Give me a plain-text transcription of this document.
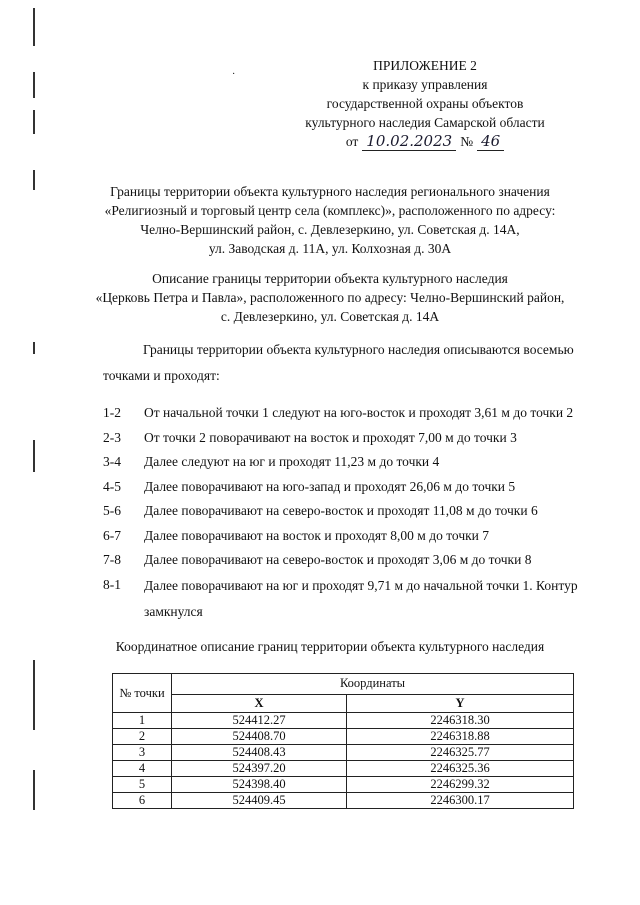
·
ПРИЛОЖЕНИЕ 2
к приказу управления
государственной охраны объектов
культурного наследия Самарской области
от 10.02.2023 № 46
Границы территории объекта культурного наследия регионального значения
«Религиозный и торговый центр села (комплекс)», расположенного по адресу:
Челно-Вершинский район, с. Девлезеркино, ул. Советская д. 14А,
ул. Заводская д. 11А, ул. Колхозная д. 30А
Описание границы территории объекта культурного наследия
«Церковь Петра и Павла», расположенного по адресу: Челно-Вершинский район,
с. Девлезеркино, ул. Советская д. 14А
Границы территории объекта культурного наследия описываются восемью
точками и проходят:
1-2	От начальной точки 1 следуют на юго-восток и проходят 3,61 м до точки 2
2-3	От точки 2 поворачивают на восток и проходят 7,00 м до точки 3
3-4	Далее следуют на юг и проходят 11,23 м до точки 4
4-5	Далее поворачивают на юго-запад и проходят 26,06 м до точки 5
5-6	Далее поворачивают на северо-восток и проходят 11,08 м до точки 6
6-7	Далее поворачивают на восток и проходят 8,00 м до точки 7
7-8	Далее поворачивают на северо-восток и проходят 3,06 м до точки 8
8-1	Далее поворачивают на юг и проходят 9,71 м до начальной точки 1. Контур замкнулся
Координатное описание границ территории объекта культурного наследия
№ точки	Координаты	
	X	Y
1	524412.27	2246318.30
2	524408.70	2246318.88
3	524408.43	2246325.77
4	524397.20	2246325.36
5	524398.40	2246299.32
6	524409.45	2246300.17
